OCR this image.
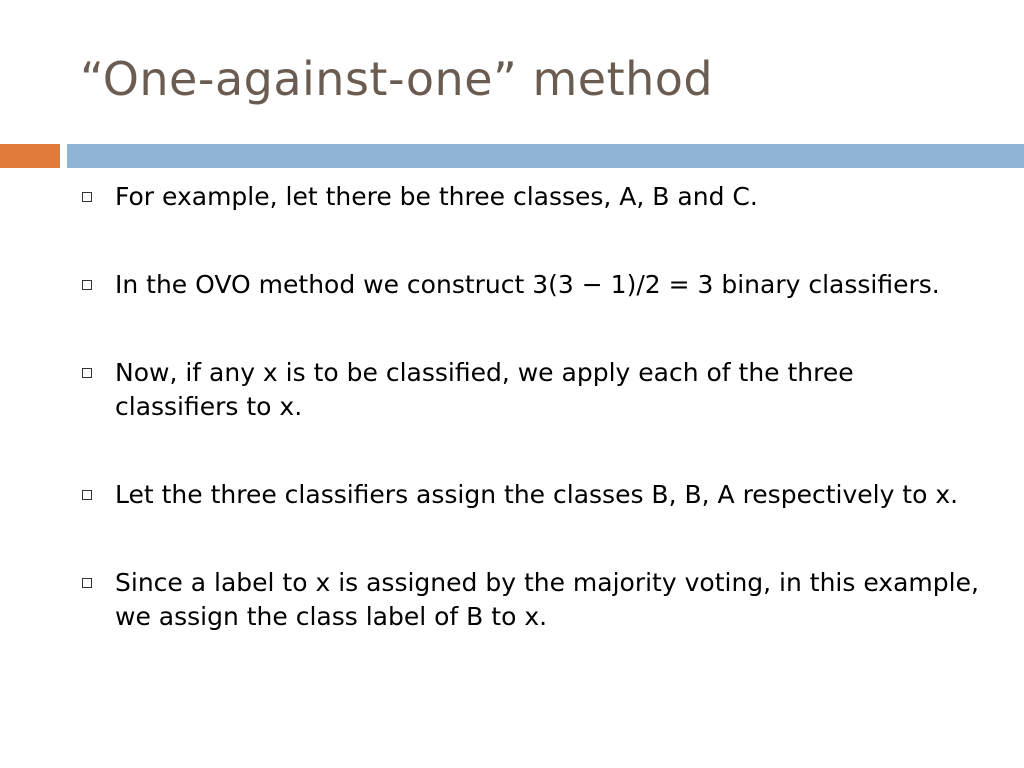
“One-against-one” method
For example, let there be three classes, A, B and C.
In the OVO method we construct 3(3 − 1)/2 = 3 binary classifiers.
Now, if any x is to be classified, we apply each of the three classifiers to x.
Let the three classifiers assign the classes B, B, A respectively to x.
Since a label to x is assigned by the majority voting, in this example, we assign the class label of B to x.
